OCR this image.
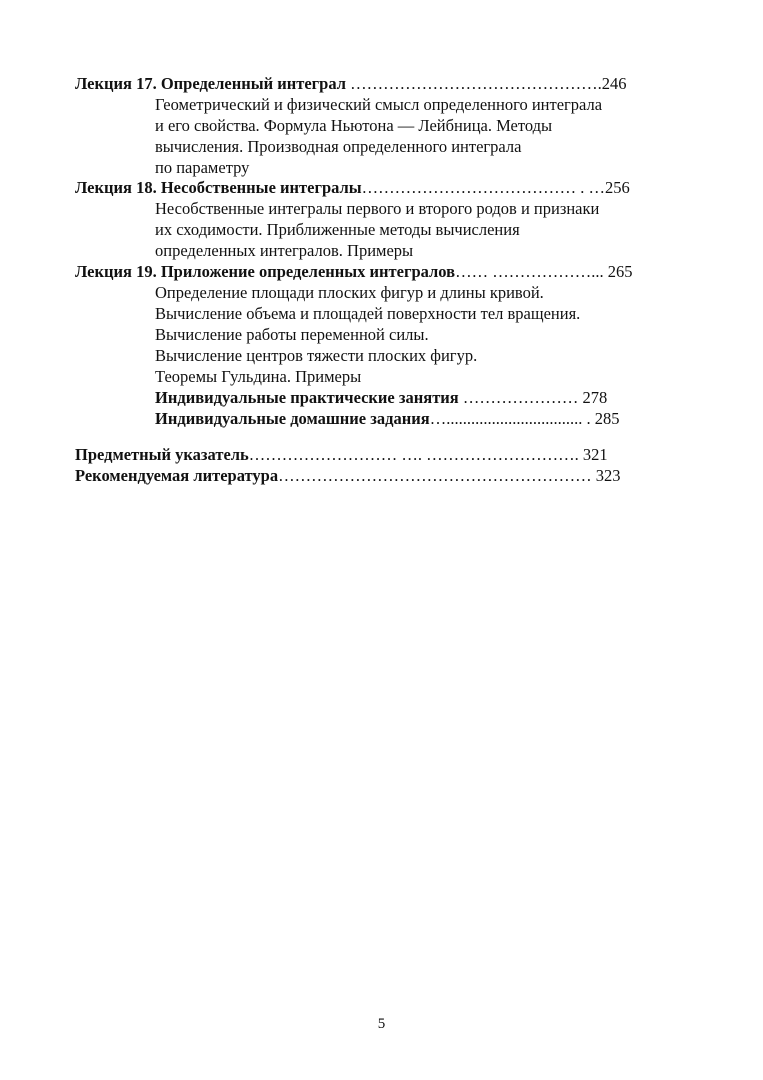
Лекция 17. Определенный интеграл ……………………………………….246
Геометрический и физический смысл определенного интеграла
и его свойства. Формула Ньютона — Лейбница. Методы
вычисления. Производная определенного интеграла
по параметру
Лекция 18. Несобственные интегралы………………………………… . …256
Несобственные интегралы первого и второго родов и признаки
их сходимости. Приближенные методы вычисления
определенных интегралов. Примеры
Лекция 19. Приложение определенных интегралов…… ………………... 265
Определение площади плоских фигур и длины кривой.
Вычисление объема и площадей поверхности тел вращения.
Вычисление работы переменной силы.
Вычисление центров тяжести плоских фигур.
Теоремы Гульдина. Примеры
Индивидуальные практические занятия ………………… 278
Индивидуальные домашние задания…................................. . 285
Предметный указатель……………………… …. ………………………. 321
Рекомендуемая литература………………………………………………… 323
5
